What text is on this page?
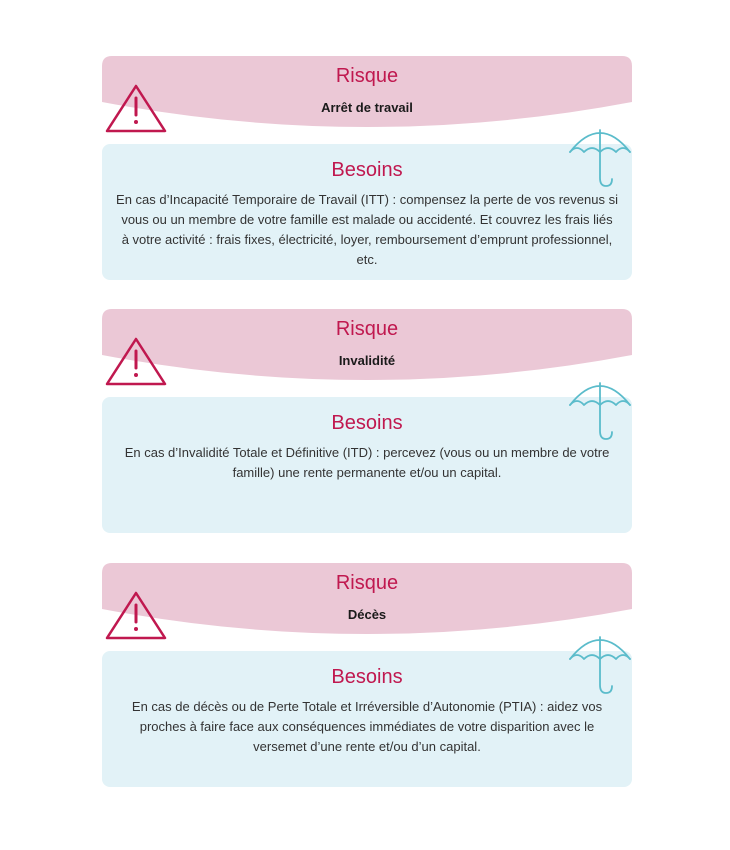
Risque
Arrêt de travail
Besoins
En cas d’Incapacité Temporaire de Travail (ITT) : compensez la perte de vos revenus si vous ou un membre de votre famille est malade ou accidenté. Et couvrez les frais liés à votre activité : frais fixes, électricité, loyer, remboursement d’emprunt professionnel, etc.
Risque
Invalidité
Besoins
En cas d’Invalidité Totale et Définitive (ITD) : percevez (vous ou un membre de votre famille) une rente permanente et/ou un capital.
Risque
Décès
Besoins
En cas de décès ou de Perte Totale et Irréversible d’Autonomie (PTIA) : aidez vos proches à faire face aux conséquences immédiates de votre disparition avec le versemet d’une rente et/ou d’un capital.
